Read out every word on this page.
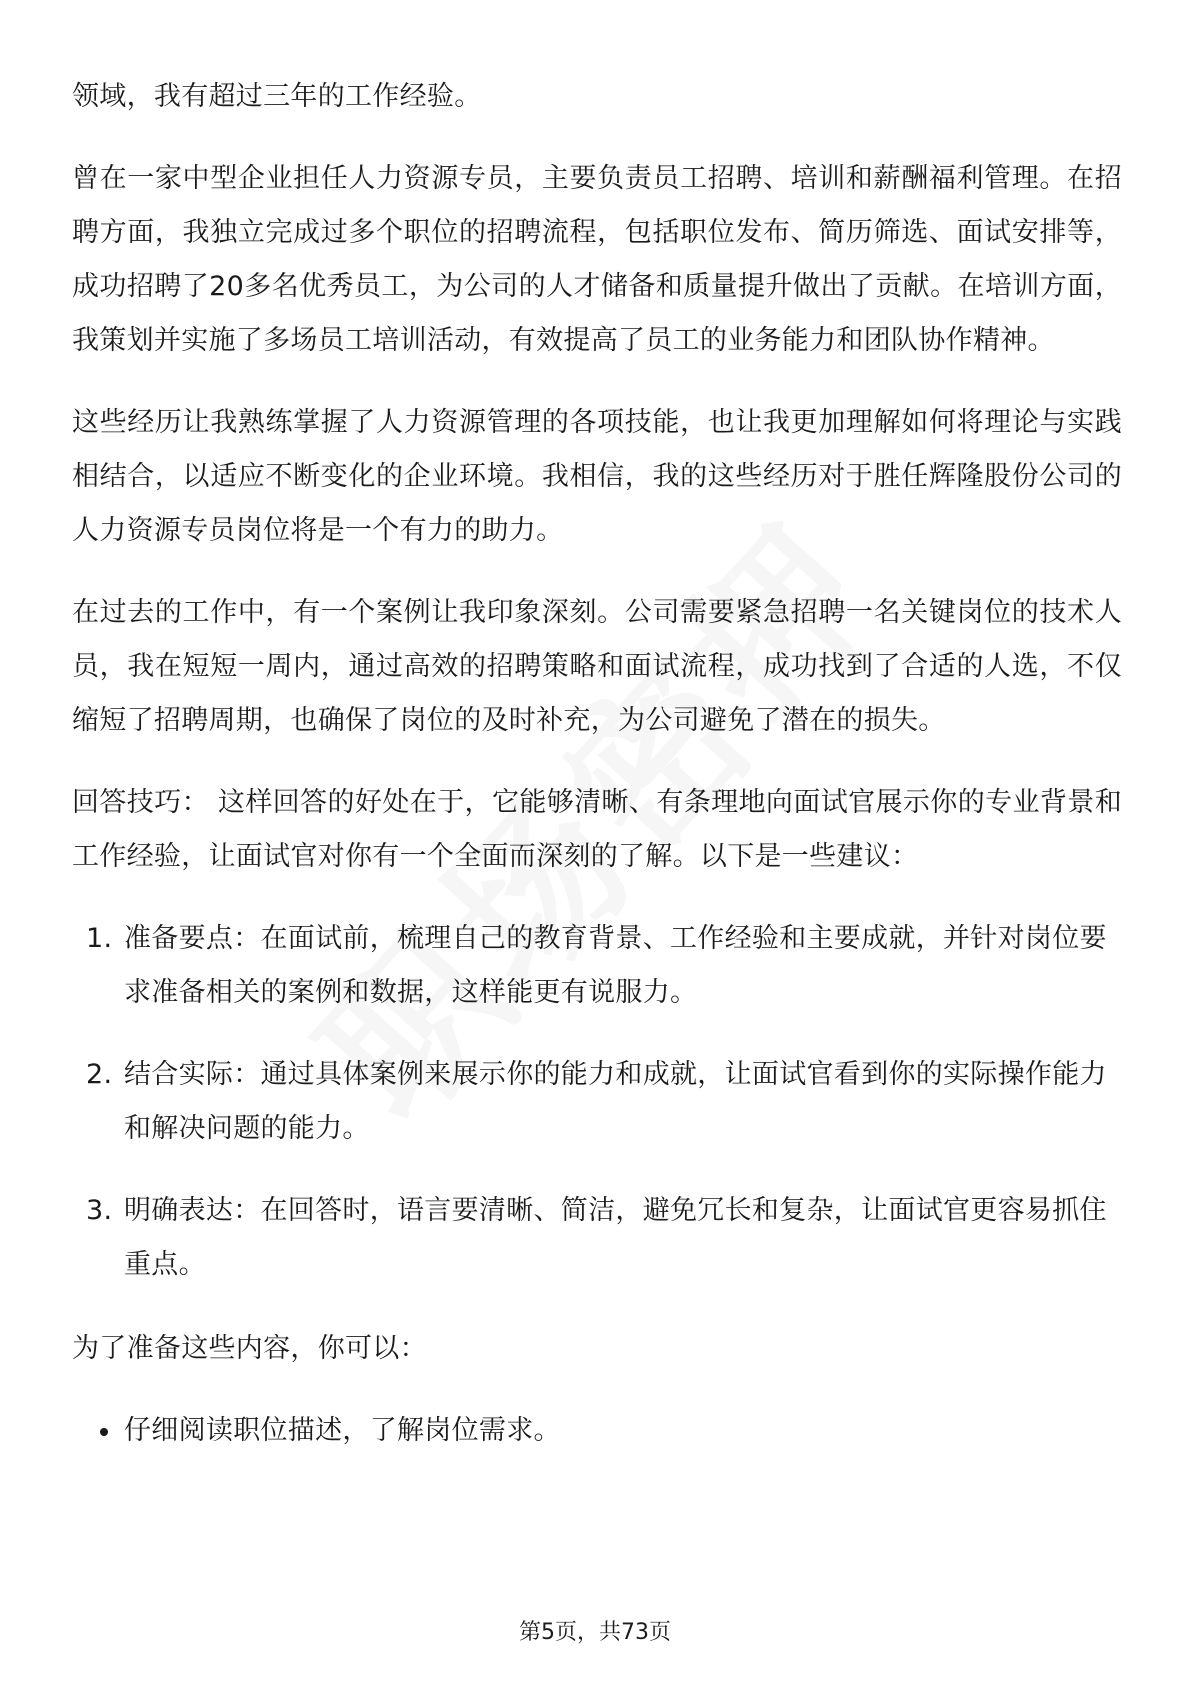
领域，我有超过三年的工作经验。

曾在一家中型企业担任人力资源专员，主要负责员工招聘、培训和薪酬福利管理。在招聘方面，我独立完成过多个职位的招聘流程，包括职位发布、简历筛选、面试安排等，成功招聘了20多名优秀员工，为公司的人才储备和质量提升做出了贡献。在培训方面，我策划并实施了多场员工培训活动，有效提高了员工的业务能力和团队协作精神。

这些经历让我熟练掌握了人力资源管理的各项技能，也让我更加理解如何将理论与实践相结合，以适应不断变化的企业环境。我相信，我的这些经历对于胜任辉隆股份公司的人力资源专员岗位将是一个有力的助力。

在过去的工作中，有一个案例让我印象深刻。公司需要紧急招聘一名关键岗位的技术人员，我在短短一周内，通过高效的招聘策略和面试流程，成功找到了合适的人选，不仅缩短了招聘周期，也确保了岗位的及时补充，为公司避免了潜在的损失。

回答技巧： 这样回答的好处在于，它能够清晰、有条理地向面试官展示你的专业背景和工作经验，让面试官对你有一个全面而深刻的了解。以下是一些建议：

1. 准备要点：在面试前，梳理自己的教育背景、工作经验和主要成就，并针对岗位要求准备相关的案例和数据，这样能更有说服力。
2. 结合实际：通过具体案例来展示你的能力和成就，让面试官看到你的实际操作能力和解决问题的能力。
3. 明确表达：在回答时，语言要清晰、简洁，避免冗长和复杂，让面试官更容易抓住重点。

为了准备这些内容，你可以：

仔细阅读职位描述，了解岗位需求。
第5页，共73页
